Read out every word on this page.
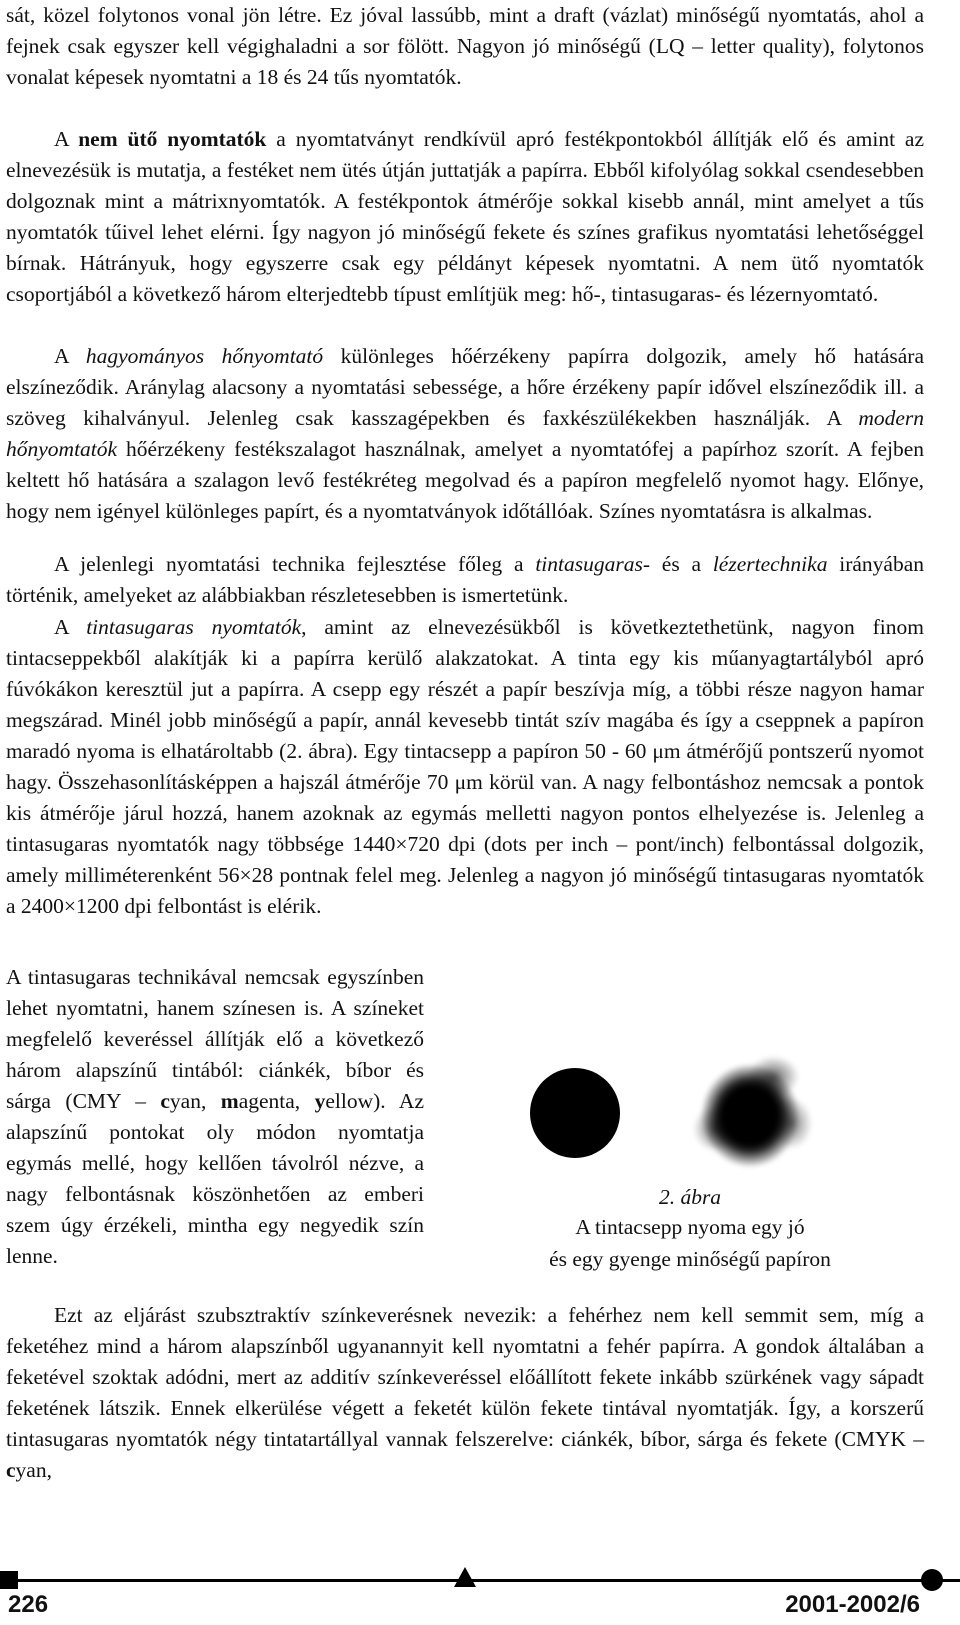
sát, közel folytonos vonal jön létre. Ez jóval lassúbb, mint a draft (vázlat) minőségű nyomtatás, ahol a fejnek csak egyszer kell végighaladni a sor fölött. Nagyon jó minőségű (LQ – letter quality), folytonos vonalat képesek nyomtatni a 18 és 24 tűs nyomtatók.

A nem ütő nyomtatók a nyomtatványt rendkívül apró festékpontokból állítják elő és amint az elnevezésük is mutatja, a festéket nem ütés útján juttatják a papírra. Ebből kifolyólag sokkal csendesebben dolgoznak mint a mátrixnyomtatók. A festékpontok átmérője sokkal kisebb annál, mint amelyet a tűs nyomtatók tűivel lehet elérni. Így nagyon jó minőségű fekete és színes grafikus nyomtatási lehetőséggel bírnak. Hátrányuk, hogy egyszerre csak egy példányt képesek nyomtatni. A nem ütő nyomtatók csoportjából a következő három elterjedtebb típust említjük meg: hő-, tintasugaras- és lézernyomtató.

A hagyományos hőnyomtató különleges hőérzékeny papírra dolgozik, amely hő hatására elszíneződik. Aránylag alacsony a nyomtatási sebessége, a hőre érzékeny papír idővel elszíneződik ill. a szöveg kihalványul. Jelenleg csak kasszagépekben és faxkészülékekben használják. A modern hőnyomtatók hőérzékeny festékszalagot használnak, amelyet a nyomtatófej a papírhoz szorít. A fejben keltett hő hatására a szalagon levő festékréteg megolvad és a papíron megfelelő nyomot hagy. Előnye, hogy nem igényel különleges papírt, és a nyomtatványok időtállóak. Színes nyomtatásra is alkalmas.

A jelenlegi nyomtatási technika fejlesztése főleg a tintasugaras- és a lézertechnika irányában történik, amelyeket az alábbiakban részletesebben is ismertetünk.

A tintasugaras nyomtatók, amint az elnevezésükből is következtethetünk, nagyon finom tintacseppekből alakítják ki a papírra kerülő alakzatokat. A tinta egy kis műanyagtartályból apró fúvókákon keresztül jut a papírra. A csepp egy részét a papír beszívja míg, a többi része nagyon hamar megszárad. Minél jobb minőségű a papír, annál kevesebb tintát szív magába és így a cseppnek a papíron maradó nyoma is elhatároltabb (2. ábra). Egy tintacsepp a papíron 50 - 60 μm átmérőjű pontszerű nyomot hagy. Összehasonlításképpen a hajszál átmérője 70 μm körül van. A nagy felbontáshoz nemcsak a pontok kis átmérője járul hozzá, hanem azoknak az egymás melletti nagyon pontos elhelyezése is. Jelenleg a tintasugaras nyomtatók nagy többsége 1440×720 dpi (dots per inch – pont/inch) felbontással dolgozik, amely milliméterenként 56×28 pontnak felel meg. Jelenleg a nagyon jó minőségű tintasugaras nyomtatók a 2400×1200 dpi felbontást is elérik.

A tintasugaras technikával nemcsak egyszínben lehet nyomtatni, hanem színesen is. A színeket megfelelő keveréssel állítják elő a következő három alapszínű tintából: ciánkék, bíbor és sárga (CMY – cyan, magenta, yellow). Az alapszínű pontokat oly módon nyomtatja egymás mellé, hogy kellően távolról nézve, a nagy felbontásnak köszönhetően az emberi szem úgy érzékeli, mintha egy negyedik szín lenne.

2. ábra
A tintacsepp nyoma egy jó
és egy gyenge minőségű papíron

Ezt az eljárást szubsztraktív színkeverésnek nevezik: a fehérhez nem kell semmit sem, míg a feketéhez mind a három alapszínből ugyanannyit kell nyomtatni a fehér papírra. A gondok általában a feketével szoktak adódni, mert az additív színkeveréssel előállított fekete inkább szürkének vagy sápadt feketének látszik. Ennek elkerülése végett a feketét külön fekete tintával nyomtatják. Így, a korszerű tintasugaras nyomtatók négy tintatartállyal vannak felszerelve: ciánkék, bíbor, sárga és fekete (CMYK – cyan,

226	2001-2002/6
